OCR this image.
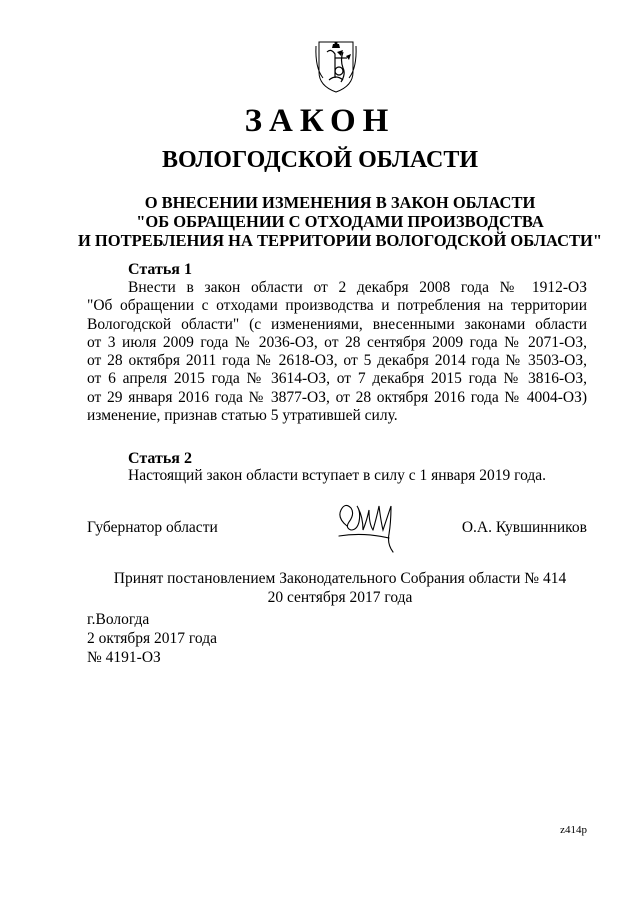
ЗАКОН
ВОЛОГОДСКОЙ ОБЛАСТИ
О ВНЕСЕНИИ ИЗМЕНЕНИЯ В ЗАКОН ОБЛАСТИ
"ОБ ОБРАЩЕНИИ С ОТХОДАМИ ПРОИЗВОДСТВА
И ПОТРЕБЛЕНИЯ НА ТЕРРИТОРИИ ВОЛОГОДСКОЙ ОБЛАСТИ"
Статья 1
Внести в закон области от 2 декабря 2008 года № 1912-ОЗ
"Об обращении с отходами производства и потребления на территории
Вологодской области" (с изменениями, внесенными законами области
от 3 июля 2009 года № 2036-ОЗ, от 28 сентября 2009 года № 2071-ОЗ,
от 28 октября 2011 года № 2618-ОЗ, от 5 декабря 2014 года № 3503-ОЗ,
от 6 апреля 2015 года № 3614-ОЗ, от 7 декабря 2015 года № 3816-ОЗ,
от 29 января 2016 года № 3877-ОЗ, от 28 октября 2016 года № 4004-ОЗ)
изменение, признав статью 5 утратившей силу.
Статья 2
Настоящий закон области вступает в силу с 1 января 2019 года.
Губернатор области	О.А. Кувшинников
Принят постановлением Законодательного Собрания области № 414
20 сентября 2017 года
г.Вологда
2 октября 2017 года
№ 4191-ОЗ
z414p
